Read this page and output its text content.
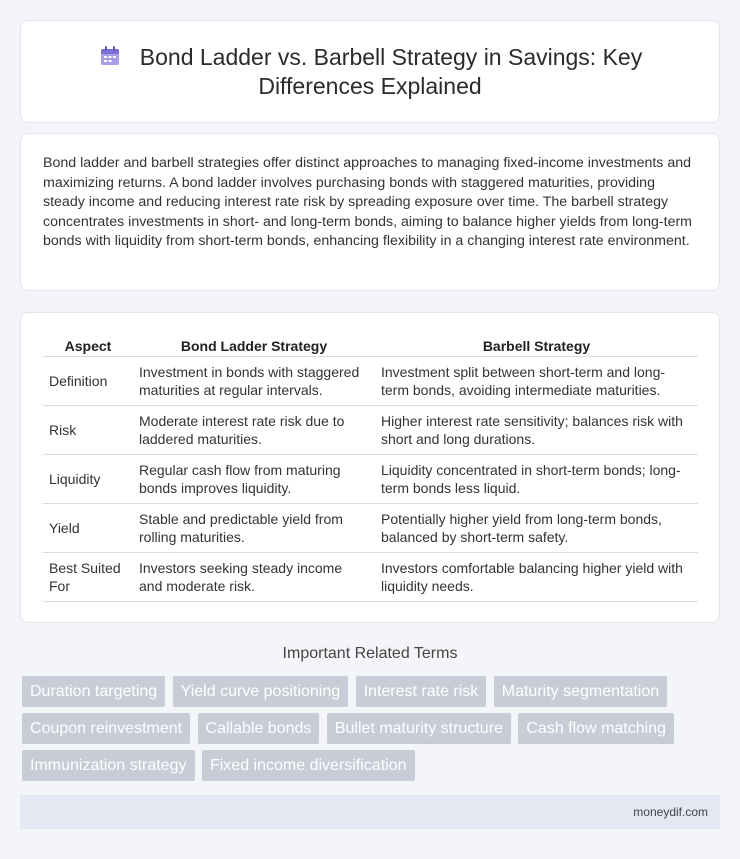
Bond Ladder vs. Barbell Strategy in Savings: Key Differences Explained

Bond ladder and barbell strategies offer distinct approaches to managing fixed-income investments and maximizing returns. A bond ladder involves purchasing bonds with staggered maturities, providing steady income and reducing interest rate risk by spreading exposure over time. The barbell strategy concentrates investments in short- and long-term bonds, aiming to balance higher yields from long-term bonds with liquidity from short-term bonds, enhancing flexibility in a changing interest rate environment.

Aspect	Bond Ladder Strategy	Barbell Strategy
Definition	Investment in bonds with staggered maturities at regular intervals.	Investment split between short-term and long-term bonds, avoiding intermediate maturities.
Risk	Moderate interest rate risk due to laddered maturities.	Higher interest rate sensitivity; balances risk with short and long durations.
Liquidity	Regular cash flow from maturing bonds improves liquidity.	Liquidity concentrated in short-term bonds; long-term bonds less liquid.
Yield	Stable and predictable yield from rolling maturities.	Potentially higher yield from long-term bonds, balanced by short-term safety.
Best Suited For	Investors seeking steady income and moderate risk.	Investors comfortable balancing higher yield with liquidity needs.
Important Related Terms
Duration targeting Yield curve positioning Interest rate risk Maturity segmentation Coupon reinvestment Callable bonds Bullet maturity structure Cash flow matching Immunization strategy Fixed income diversification
moneydif.com
